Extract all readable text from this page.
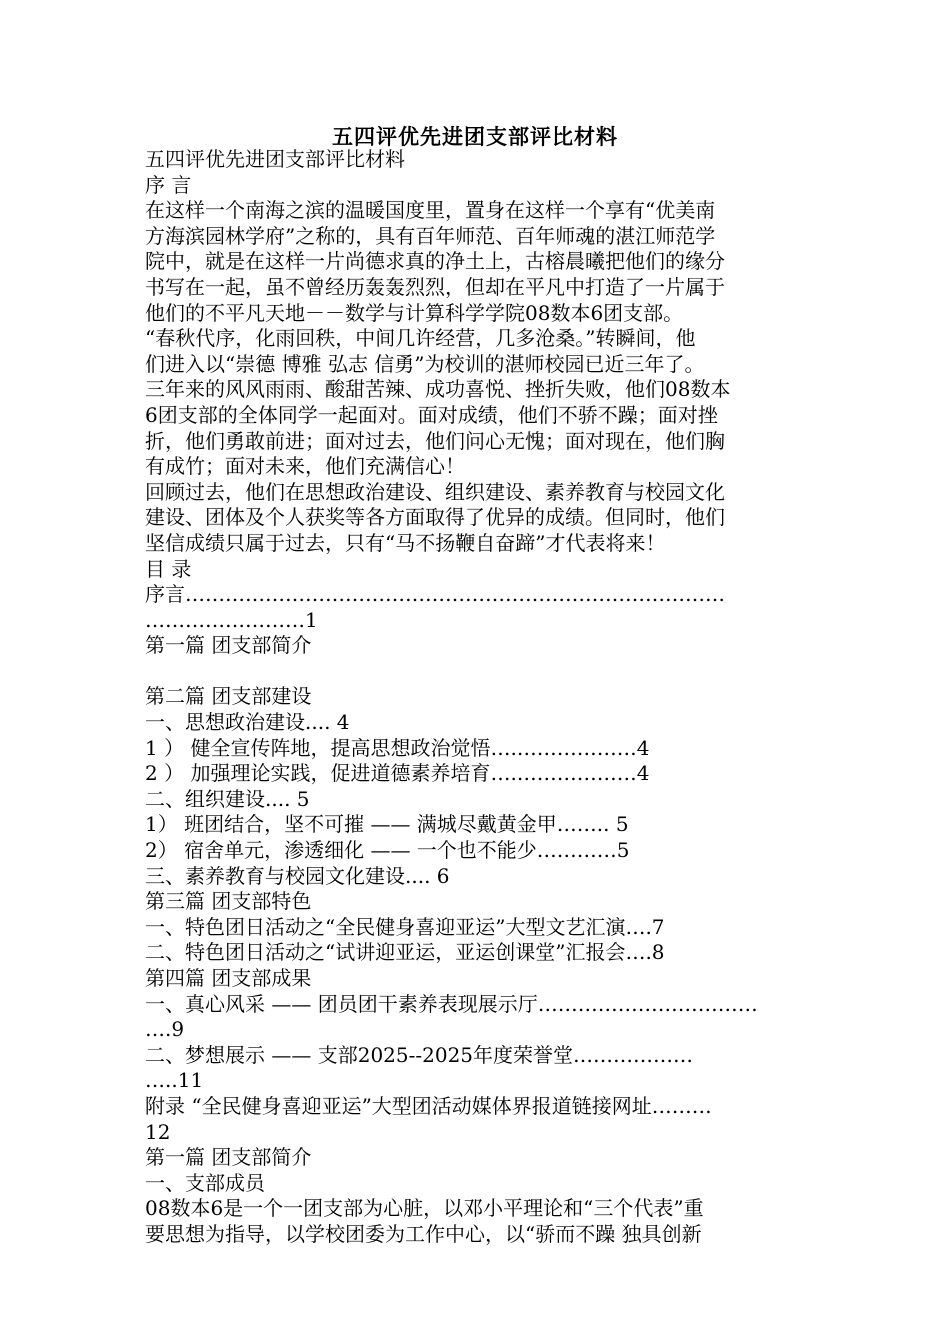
五四评优先进团支部评比材料
五四评优先进团支部评比材料
序 言
在这样一个南海之滨的温暖国度里，置身在这样一个享有“优美南
方海滨园林学府”之称的，具有百年师范、百年师魂的湛江师范学
院中，就是在这样一片尚德求真的净土上，古榕晨曦把他们的缘分
书写在一起，虽不曾经历轰轰烈烈，但却在平凡中打造了一片属于
他们的不平凡天地－－数学与计算科学学院08数本6团支部。
“春秋代序，化雨回秩，中间几许经营，几多沧桑。”转瞬间，他
们进入以“崇德 博雅 弘志 信勇”为校训的湛师校园已近三年了。
三年来的风风雨雨、酸甜苦辣、成功喜悦、挫折失败，他们08数本
6团支部的全体同学一起面对。面对成绩，他们不骄不躁；面对挫
折，他们勇敢前进；面对过去，他们问心无愧；面对现在，他们胸
有成竹；面对未来，他们充满信心！
回顾过去，他们在思想政治建设、组织建设、素养教育与校园文化
建设、团体及个人获奖等各方面取得了优异的成绩。但同时，他们
坚信成绩只属于过去，只有“马不扬鞭自奋蹄”才代表将来！
目 录
序言………………………………………………………………………
……………………1
第一篇 团支部简介
第二篇 团支部建设
一、思想政治建设.... 4
1 ） 健全宣传阵地，提高思想政治觉悟….………………4
2 ） 加强理论实践，促进道德素养培育….………………4
二、组织建设.... 5
1） 班团结合，坚不可摧 —— 满城尽戴黄金甲…….. 5
2） 宿舍单元，渗透细化 —— 一个也不能少…………5
三、素养教育与校园文化建设.... 6
第三篇 团支部特色
一、特色团日活动之“全民健身喜迎亚运”大型文艺汇演….7
二、特色团日活动之“试讲迎亚运，亚运创课堂”汇报会….8
第四篇 团支部成果
一、真心风采 —— 团员团干素养表现展示厅……………………………
….9
二、梦想展示 —— 支部2025--2025年度荣誉堂………………
…..11
附录 “全民健身喜迎亚运”大型团活动媒体界报道链接网址………
12
第一篇 团支部简介
一、支部成员
08数本6是一个一团支部为心脏，以邓小平理论和“三个代表”重
要思想为指导，以学校团委为工作中心，以“骄而不躁 独具创新
